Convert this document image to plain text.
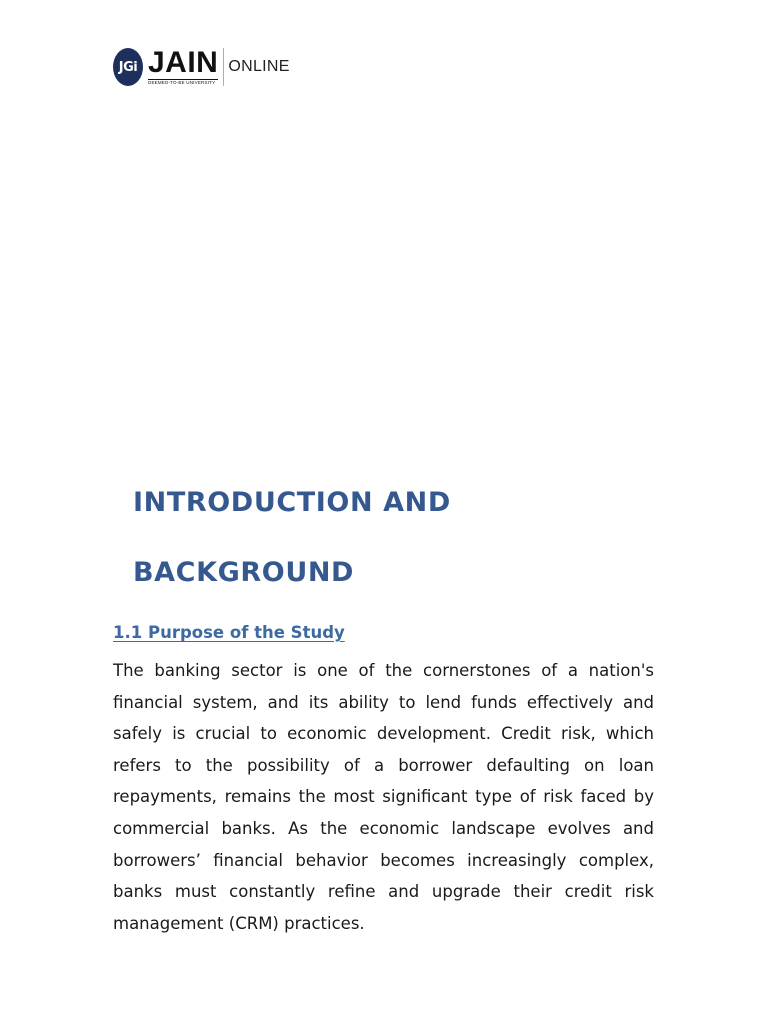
JGi JAIN
DEEMED-TO-BE UNIVERSITY
ONLINE
INTRODUCTION AND BACKGROUND
1.1 Purpose of the Study

The banking sector is one of the cornerstones of a nation's financial system, and its ability to lend funds effectively and safely is crucial to economic development. Credit risk, which refers to the possibility of a borrower defaulting on loan repayments, remains the most significant type of risk faced by commercial banks. As the economic landscape evolves and borrowers’ financial behavior becomes increasingly complex, banks must constantly refine and upgrade their credit risk management (CRM) practices.
